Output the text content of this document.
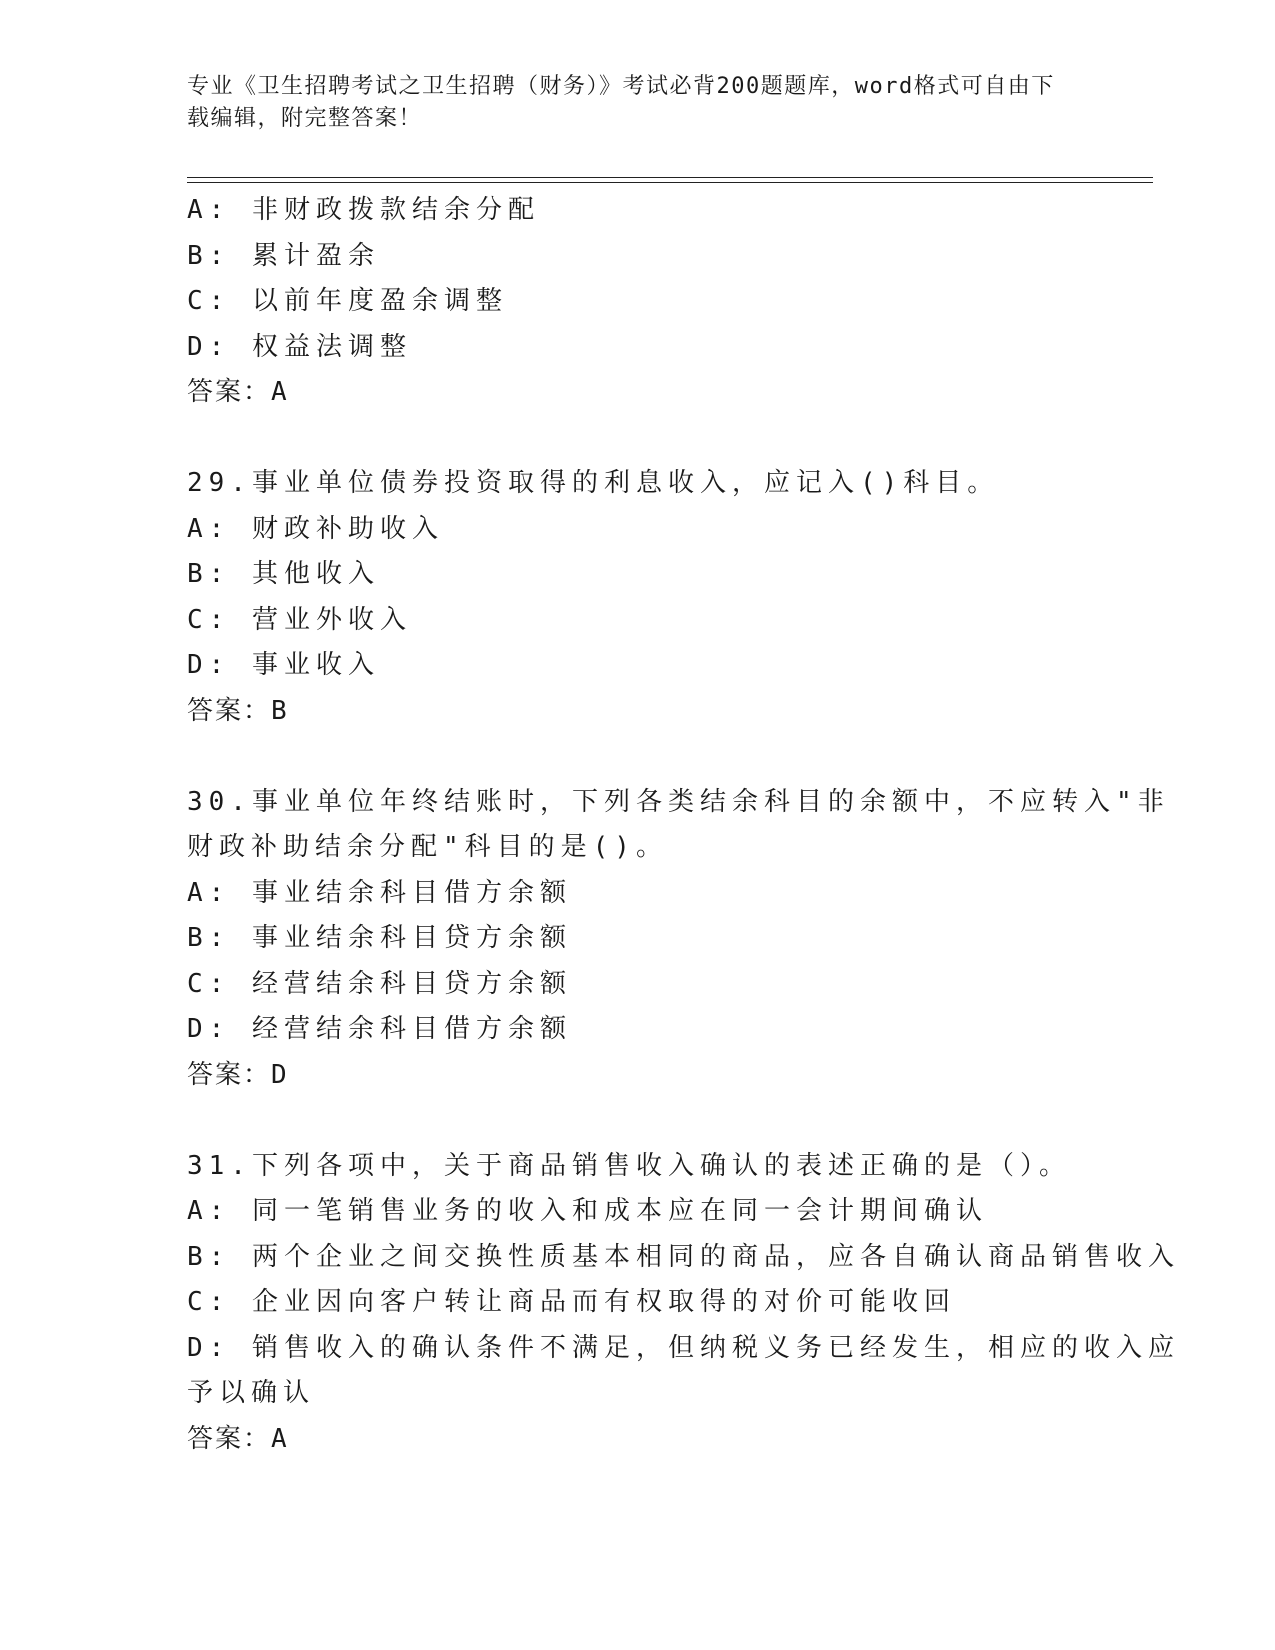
专业《卫生招聘考试之卫生招聘（财务）》考试必背200题题库，word格式可自由下载编辑，附完整答案！
A: 非财政拨款结余分配
B: 累计盈余
C: 以前年度盈余调整
D: 权益法调整
答案：A
29.事业单位债券投资取得的利息收入，应记入()科目。
A: 财政补助收入
B: 其他收入
C: 营业外收入
D: 事业收入
答案：B
30.事业单位年终结账时，下列各类结余科目的余额中，不应转入"非
财政补助结余分配"科目的是()。
A: 事业结余科目借方余额
B: 事业结余科目贷方余额
C: 经营结余科目贷方余额
D: 经营结余科目借方余额
答案：D
31.下列各项中，关于商品销售收入确认的表述正确的是（）。
A: 同一笔销售业务的收入和成本应在同一会计期间确认
B: 两个企业之间交换性质基本相同的商品，应各自确认商品销售收入
C: 企业因向客户转让商品而有权取得的对价可能收回
D: 销售收入的确认条件不满足，但纳税义务已经发生，相应的收入应
予以确认
答案：A
